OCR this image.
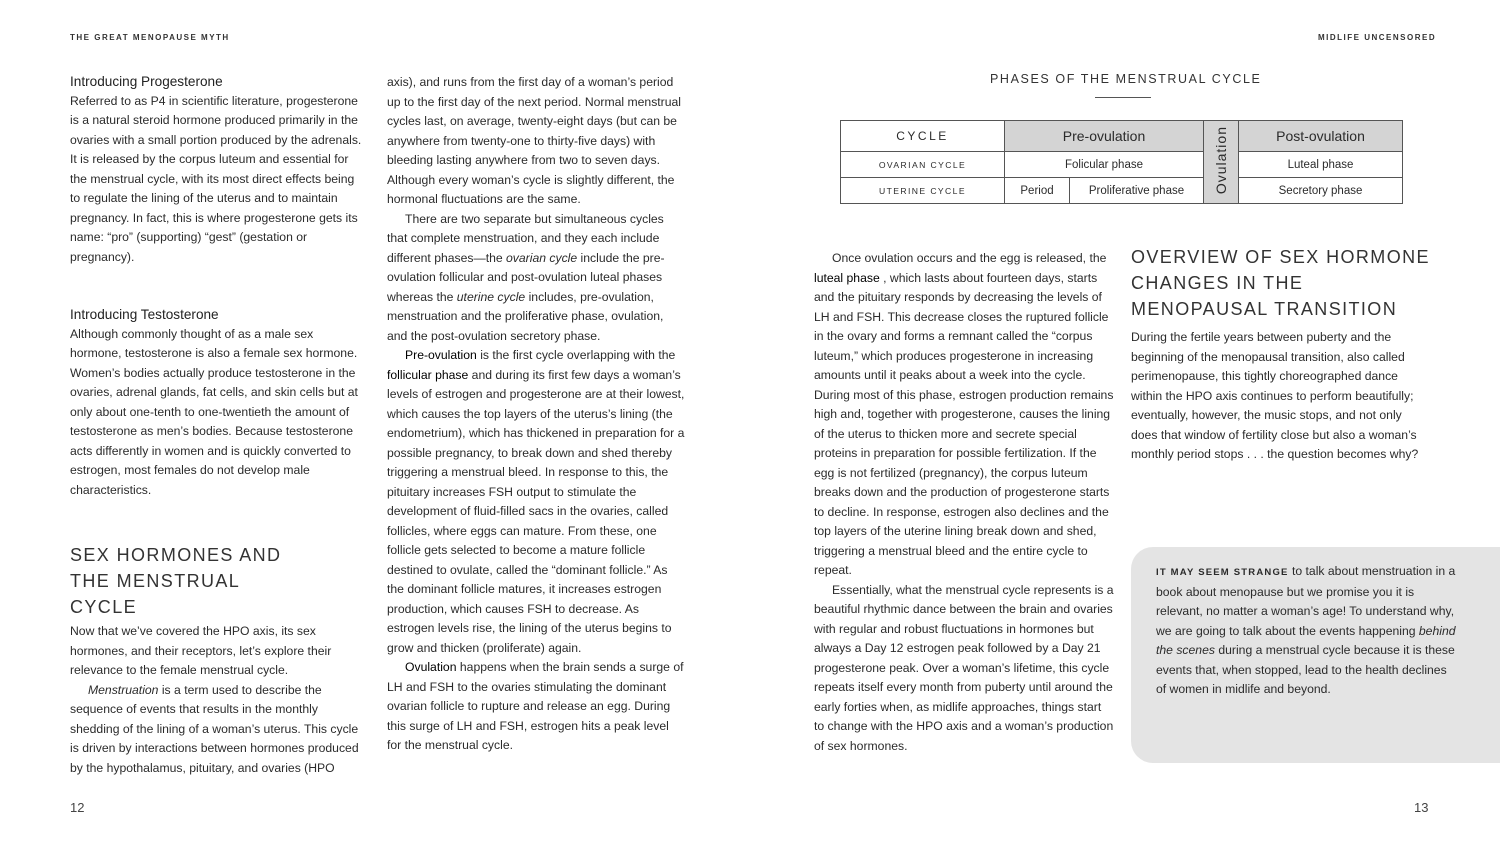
THE GREAT MENOPAUSE MYTH	MIDLIFE UNCENSORED

Introducing Progesterone

Referred to as P4 in scientific literature, progesterone is a natural steroid hormone produced primarily in the ovaries with a small portion produced by the adrenals. It is released by the corpus luteum and essential for the menstrual cycle, with its most direct effects being to regulate the lining of the uterus and to maintain pregnancy. In fact, this is where progesterone gets its name: “pro” (supporting) “gest” (gestation or pregnancy).

Introducing Testosterone

Although commonly thought of as a male sex hormone, testosterone is also a female sex hormone. Women’s bodies actually produce testosterone in the ovaries, adrenal glands, fat cells, and skin cells but at only about one-tenth to one-twentieth the amount of testosterone as men’s bodies. Because testosterone acts differently in women and is quickly converted to estrogen, most females do not develop male characteristics.

SEX HORMONES AND THE MENSTRUAL CYCLE

Now that we’ve covered the HPO axis, its sex hormones, and their receptors, let’s explore their relevance to the female menstrual cycle.

Menstruation is a term used to describe the sequence of events that results in the monthly shedding of the lining of a woman’s uterus. This cycle is driven by interactions between hormones produced by the hypothalamus, pituitary, and ovaries (HPO

axis), and runs from the first day of a woman’s period up to the first day of the next period. Normal menstrual cycles last, on average, twenty-eight days (but can be anywhere from twenty-one to thirty-five days) with bleeding lasting anywhere from two to seven days. Although every woman’s cycle is slightly different, the hormonal fluctuations are the same.

There are two separate but simultaneous cycles that complete menstruation, and they each include different phases—the ovarian cycle include the pre-ovulation follicular and post-ovulation luteal phases whereas the uterine cycle includes, pre-ovulation, menstruation and the proliferative phase, ovulation, and the post-ovulation secretory phase.

Pre-ovulation is the first cycle overlapping with the follicular phase and during its first few days a woman’s levels of estrogen and progesterone are at their lowest, which causes the top layers of the uterus’s lining (the endometrium), which has thickened in preparation for a possible pregnancy, to break down and shed thereby triggering a menstrual bleed. In response to this, the pituitary increases FSH output to stimulate the development of fluid-filled sacs in the ovaries, called follicles, where eggs can mature. From these, one follicle gets selected to become a mature follicle destined to ovulate, called the “dominant follicle.” As the dominant follicle matures, it increases estrogen production, which causes FSH to decrease. As estrogen levels rise, the lining of the uterus begins to grow and thicken (proliferate) again.

Ovulation happens when the brain sends a surge of LH and FSH to the ovaries stimulating the dominant ovarian follicle to rupture and release an egg. During this surge of LH and FSH, estrogen hits a peak level for the menstrual cycle.

PHASES OF THE MENSTRUAL CYCLE
CYCLE	Pre-ovulation		Ovulation	Post-ovulation
OVARIAN CYCLE	Folicular phase			Luteal phase
UTERINE CYCLE	Period	Proliferative phase		Secretory phase

Once ovulation occurs and the egg is released, the luteal phase , which lasts about fourteen days, starts and the pituitary responds by decreasing the levels of LH and FSH. This decrease closes the ruptured follicle in the ovary and forms a remnant called the “corpus luteum,” which produces progesterone in increasing amounts until it peaks about a week into the cycle. During most of this phase, estrogen production remains high and, together with progesterone, causes the lining of the uterus to thicken more and secrete special proteins in preparation for possible fertilization. If the egg is not fertilized (pregnancy), the corpus luteum breaks down and the production of progesterone starts to decline. In response, estrogen also declines and the top layers of the uterine lining break down and shed, triggering a menstrual bleed and the entire cycle to repeat.

Essentially, what the menstrual cycle represents is a beautiful rhythmic dance between the brain and ovaries with regular and robust fluctuations in hormones but always a Day 12 estrogen peak followed by a Day 21 progesterone peak. Over a woman’s lifetime, this cycle repeats itself every month from puberty until around the early forties when, as midlife approaches, things start to change with the HPO axis and a woman’s production of sex hormones.

OVERVIEW OF SEX HORMONE CHANGES IN THE MENOPAUSAL TRANSITION

During the fertile years between puberty and the beginning of the menopausal transition, also called perimenopause, this tightly choreographed dance within the HPO axis continues to perform beautifully; eventually, however, the music stops, and not only does that window of fertility close but also a woman’s monthly period stops . . . the question becomes why?

IT MAY SEEM STRANGE to talk about menstruation in a book about menopause but we promise you it is relevant, no matter a woman’s age! To understand why, we are going to talk about the events happening behind the scenes during a menstrual cycle because it is these events that, when stopped, lead to the health declines of women in midlife and beyond.
12	13
